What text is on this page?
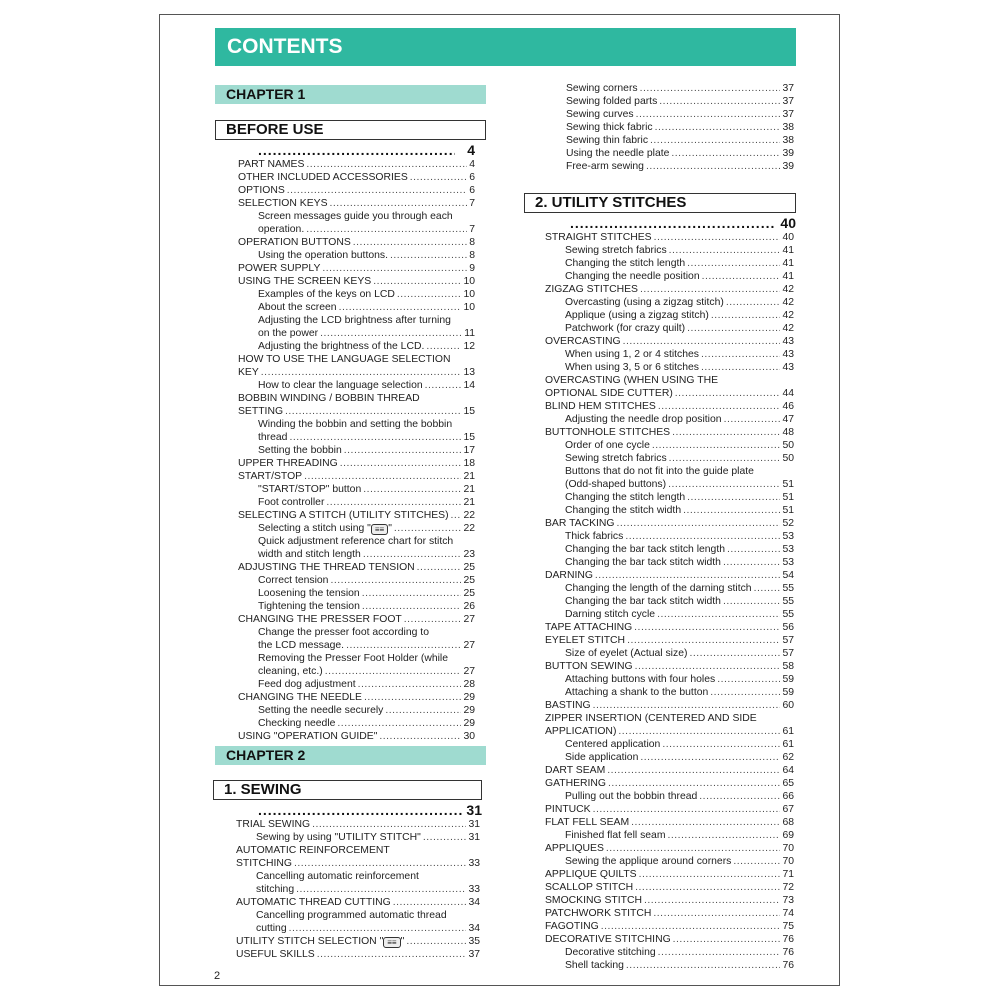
CONTENTS
CHAPTER 1
BEFORE USE
.....
4
PART NAMES .....	4
OTHER INCLUDED ACCESSORIES .....	6
OPTIONS .....	6
SELECTION KEYS .....	7
Screen messages guide you through each
operation. .....	7
OPERATION BUTTONS .....	8
Using the operation buttons. .....	8
POWER SUPPLY .....	9
USING THE SCREEN KEYS .....	10
Examples of the keys on LCD .....	10
About the screen .....	10
Adjusting the LCD brightness after turning
on the power .....	11
Adjusting the brightness of the LCD. .....	12
HOW TO USE THE LANGUAGE SELECTION
KEY .....	13
How to clear the language selection .....	14
BOBBIN WINDING / BOBBIN THREAD
SETTING .....	15
Winding the bobbin and setting the bobbin
thread .....	15
Setting the bobbin .....	17
UPPER THREADING .....	18
START/STOP .....	21
"START/STOP" button .....	21
Foot controller .....	21
SELECTING A STITCH (UTILITY STITCHES) ..... 22
Selecting a stitch using " ≡≡ " .....	22
Quick adjustment reference chart for stitch
width and stitch length .....	23
ADJUSTING THE THREAD TENSION .....	25
Correct tension .....	25
Loosening the tension .....	25
Tightening the tension .....	26
CHANGING THE PRESSER FOOT .....	27
Change the presser foot according to
the LCD message. .....	27
Removing the Presser Foot Holder (while
cleaning, etc.) .....	27
Feed dog adjustment .....	28
CHANGING THE NEEDLE .....	29
Setting the needle securely .....	29
Checking needle .....	29
USING "OPERATION GUIDE" .....	30
CHAPTER 2
1. SEWING
.....
31
TRIAL SEWING .....	31
Sewing by using "UTILITY STITCH" .....	31
AUTOMATIC REINFORCEMENT
STITCHING .....	33
Cancelling automatic reinforcement
stitching .....	33
AUTOMATIC THREAD CUTTING .....	34
Cancelling programmed automatic thread
cutting .....	34
UTILITY STITCH SELECTION " ≡≡ " .....	35
USEFUL SKILLS .....	37
Sewing corners .....	37
Sewing folded parts .....	37
Sewing curves .....	37
Sewing thick fabric .....	38
Sewing thin fabric .....	38
Using the needle plate .....	39
Free-arm sewing .....	39
2. UTILITY STITCHES
.....
40
STRAIGHT STITCHES .....	40
Sewing stretch fabrics .....	41
Changing the stitch length .....	41
Changing the needle position .....	41
ZIGZAG STITCHES .....	42
Overcasting (using a zigzag stitch) .....	42
Applique (using a zigzag stitch) .....	42
Patchwork (for crazy quilt) .....	42
OVERCASTING .....	43
When using 1, 2 or 4 stitches .....	43
When using 3, 5 or 6 stitches .....	43
OVERCASTING (WHEN USING THE
OPTIONAL SIDE CUTTER) .....	44
BLIND HEM STITCHES .....	46
Adjusting the needle drop position .....	47
BUTTONHOLE STITCHES .....	48
Order of one cycle .....	50
Sewing stretch fabrics .....	50
Buttons that do not fit into the guide plate
(Odd-shaped buttons) .....	51
Changing the stitch length .....	51
Changing the stitch width .....	51
BAR TACKING .....	52
Thick fabrics .....	53
Changing the bar tack stitch length .....	53
Changing the bar tack stitch width .....	53
DARNING .....	54
Changing the length of the darning stitch .....	55
Changing the bar tack stitch width .....	55
Darning stitch cycle .....	55
TAPE ATTACHING .....	56
EYELET STITCH .....	57
Size of eyelet (Actual size) .....	57
BUTTON SEWING .....	58
Attaching buttons with four holes .....	59
Attaching a shank to the button .....	59
BASTING .....	60
ZIPPER INSERTION (CENTERED AND SIDE
APPLICATION) .....	61
Centered application .....	61
Side application .....	62
DART SEAM .....	64
GATHERING .....	65
Pulling out the bobbin thread .....	66
PINTUCK .....	67
FLAT FELL SEAM .....	68
Finished flat fell seam .....	69
APPLIQUES .....	70
Sewing the applique around corners .....	70
APPLIQUE QUILTS .....	71
SCALLOP STITCH .....	72
SMOCKING STITCH .....	73
PATCHWORK STITCH .....	74
FAGOTING .....	75
DECORATIVE STITCHING .....	76
Decorative stitching .....	76
Shell tacking .....	76
2
